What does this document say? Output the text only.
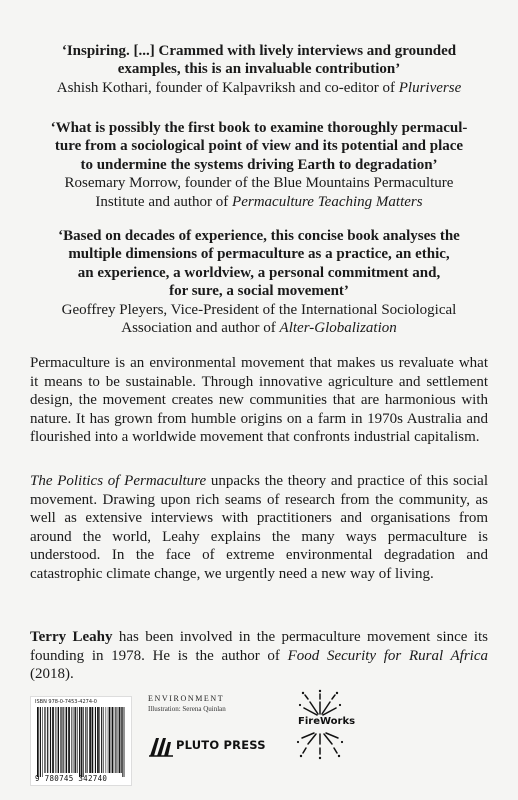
‘Inspiring. [...] Crammed with lively interviews and grounded
examples, this is an invaluable contribution’
Ashish Kothari, founder of Kalpavriksh and co-editor of Pluriverse
‘What is possibly the first book to examine thoroughly permacul-
ture from a sociological point of view and its potential and place
to undermine the systems driving Earth to degradation’
Rosemary Morrow, founder of the Blue Mountains Permaculture
Institute and author of Permaculture Teaching Matters
‘Based on decades of experience, this concise book analyses the
multiple dimensions of permaculture as a practice, an ethic,
an experience, a worldview, a personal commitment and,
for sure, a social movement’
Geoffrey Pleyers, Vice-President of the International Sociological
Association and author of Alter-Globalization

Permaculture is an environmental movement that makes us revaluate what it means to be sustainable. Through innovative agriculture and settlement design, the movement creates new communities that are harmonious with nature. It has grown from humble origins on a farm in 1970s Australia and flourished into a worldwide movement that confronts industrial capitalism.

The Politics of Permaculture unpacks the theory and practice of this social movement. Drawing upon rich seams of research from the community, as well as extensive interviews with practitioners and organisations from around the world, Leahy explains the many ways permaculture is understood. In the face of extreme environmental degradation and catastrophic climate change, we urgently need a new way of living.

Terry Leahy has been involved in the permaculture movement since its founding in 1978. He is the author of Food Security for Rural Africa (2018).

ISBN 978-0-7453-4274-0
9 780745 342740
ENVIRONMENT
Illustration: Serena Quinlan
PLUTO PRESS
FireWorks
